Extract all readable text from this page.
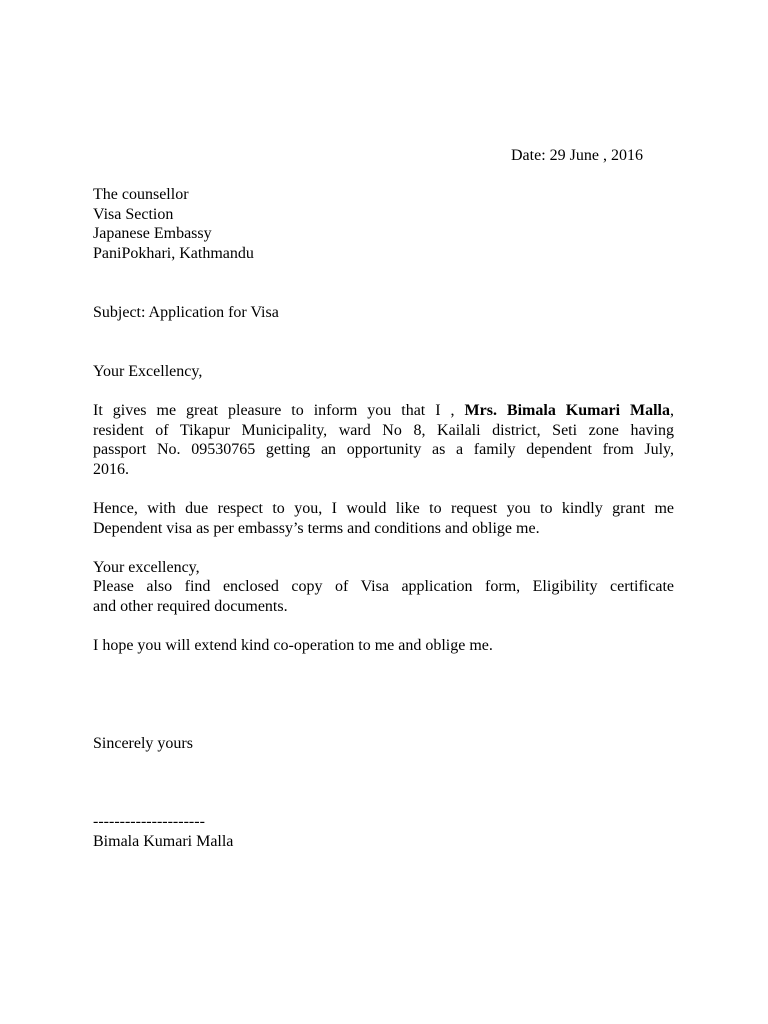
Date: 29 June , 2016
The counsellor
Visa Section
Japanese Embassy
PaniPokhari, Kathmandu
Subject: Application for Visa
Your Excellency,
It gives me great pleasure to inform you that I , Mrs. Bimala Kumari Malla,
resident of Tikapur Municipality, ward No 8, Kailali district, Seti zone having
passport No. 09530765 getting an opportunity as a family dependent from July,
2016.
Hence, with due respect to you, I would like to request you to kindly grant me
Dependent visa as per embassy’s terms and conditions and oblige me.
Your excellency,
Please also find enclosed copy of Visa application form, Eligibility certificate
and other required documents.
I hope you will extend kind co-operation to me and oblige me.
Sincerely yours
---------------------
Bimala Kumari Malla
